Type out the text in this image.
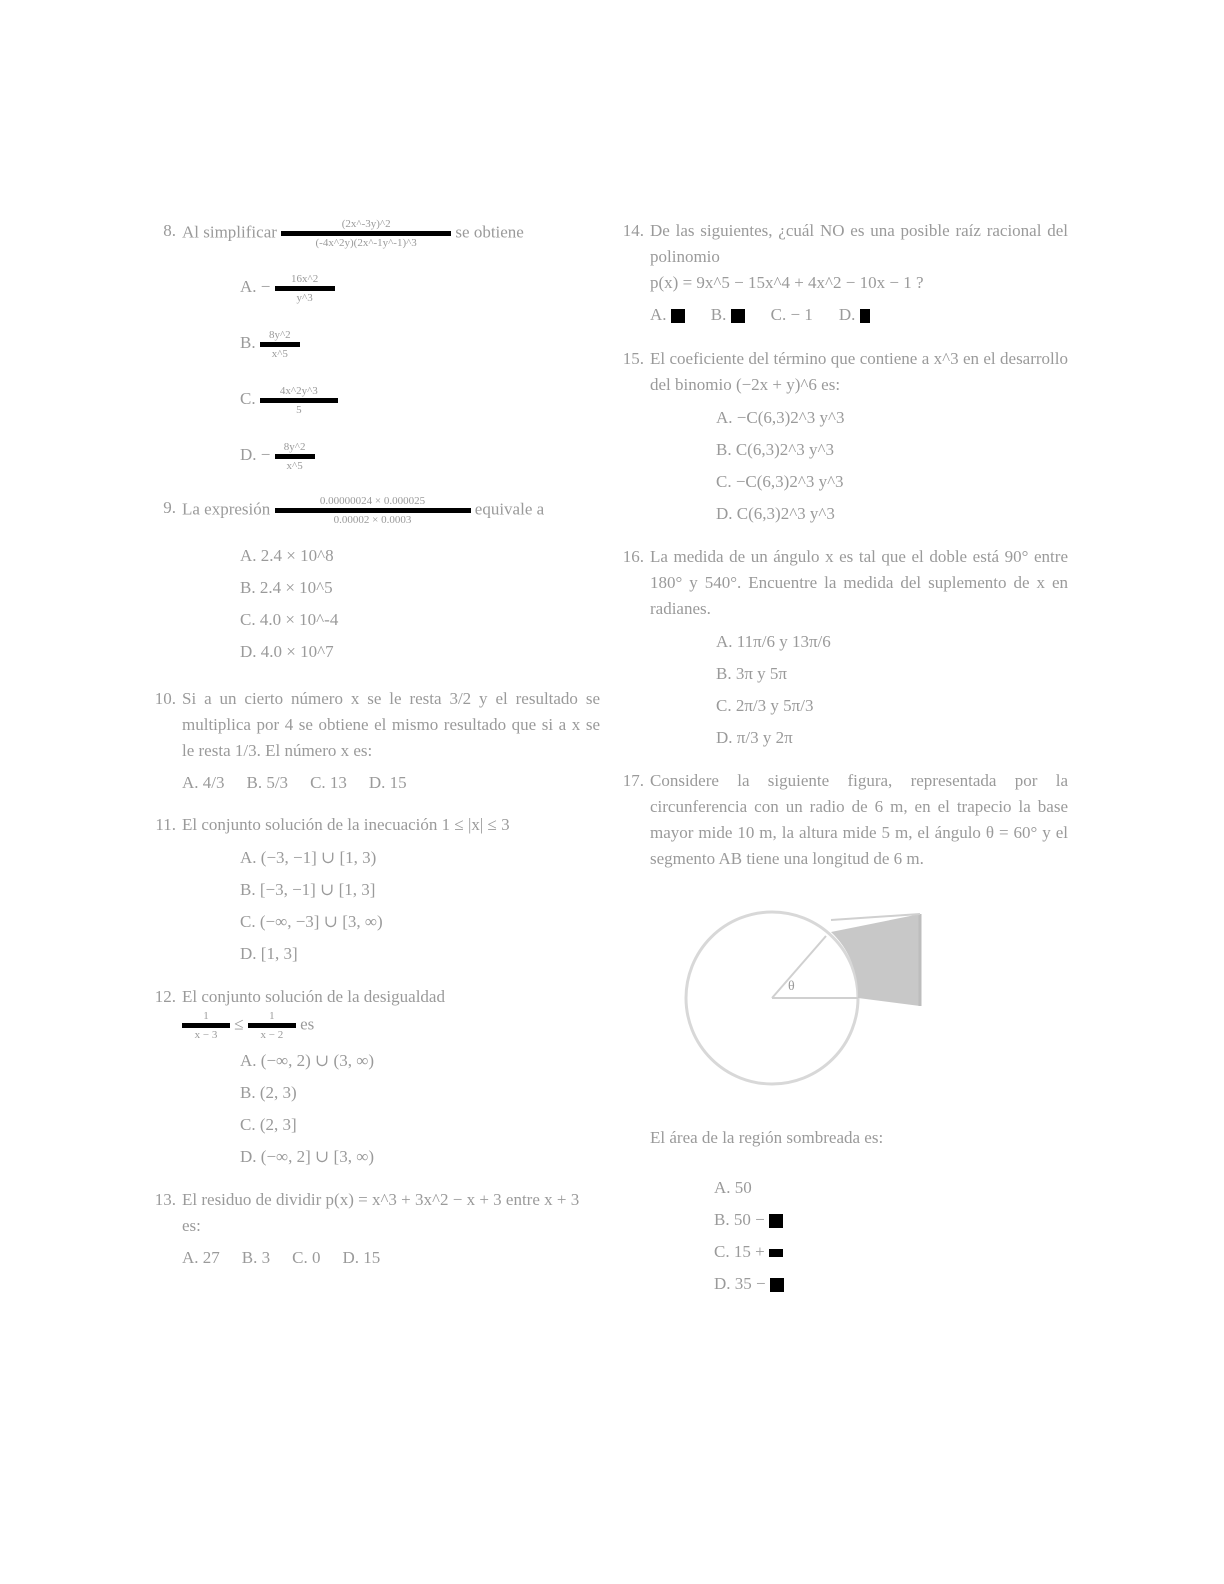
8. Al simplificar	(2x^-3y)^2
(-4x^2y)(2x^-1y^-1)^3
se obtiene
A. −	16x^2
y^3
B.	8y^2
x^5
C.	4x^2y^3
5
D. −	8y^2
x^5
9. La expresión	0.00000024 × 0.000025
0.00002 × 0.0003
equivale a
A. 2.4 × 10^8
B. 2.4 × 10^5
C. 4.0 × 10^-4
D. 4.0 × 10^7
10. Si a un cierto número x se le resta 3/2 y el resultado se multiplica por 4 se obtiene el mismo resultado que si a x se le resta 1/3. El número x es:
A. 4/3 B. 5/3 C. 13 D. 15
11. El conjunto solución de la inecuación 1 ≤ |x| ≤ 3
A. (−3, −1] ∪ [1, 3)
B. [−3, −1] ∪ [1, 3]
C. (−∞, −3] ∪ [3, ∞)
D. [1, 3]
12. El conjunto solución de la desigualdad
1
x − 3
≤	1
x − 2
es
A. (−∞, 2) ∪ (3, ∞)
B. (2, 3)
C. (2, 3]
D. (−∞, 2] ∪ [3, ∞)
13. El residuo de dividir p(x) = x^3 + 3x^2 − x + 3 entre x + 3 es:
A. 27 B. 3 C. 0 D. 15
14. De las siguientes, ¿cuál NO es una posible raíz racional del polinomio
p(x) = 9x^5 − 15x^4 + 4x^2 − 10x − 1 ?
A.	B.	C. − 1 D.
15. El coeficiente del término que contiene a x^3 en el desarrollo del binomio (−2x + y)^6 es:
A. −C(6,3)2^3 y^3
B. C(6,3)2^3 y^3
C. −C(6,3)2^3 y^3
D. C(6,3)2^3 y^3
16. La medida de un ángulo x es tal que el doble está 90° entre 180° y 540°. Encuentre la medida del suplemento de x en radianes.
A. 11π/6 y 13π/6
B. 3π y 5π
C. 2π/3 y 5π/3
D. π/3 y 2π
17. Considere la siguiente figura, representada por la circunferencia con un radio de 6 m, en el trapecio la base mayor mide 10 m, la altura mide 5 m, el ángulo θ = 60° y el segmento AB tiene una longitud de 6 m.
θ
El área de la región sombreada es:
A. 50
B. 50 −
C. 15 +
D. 35 −
